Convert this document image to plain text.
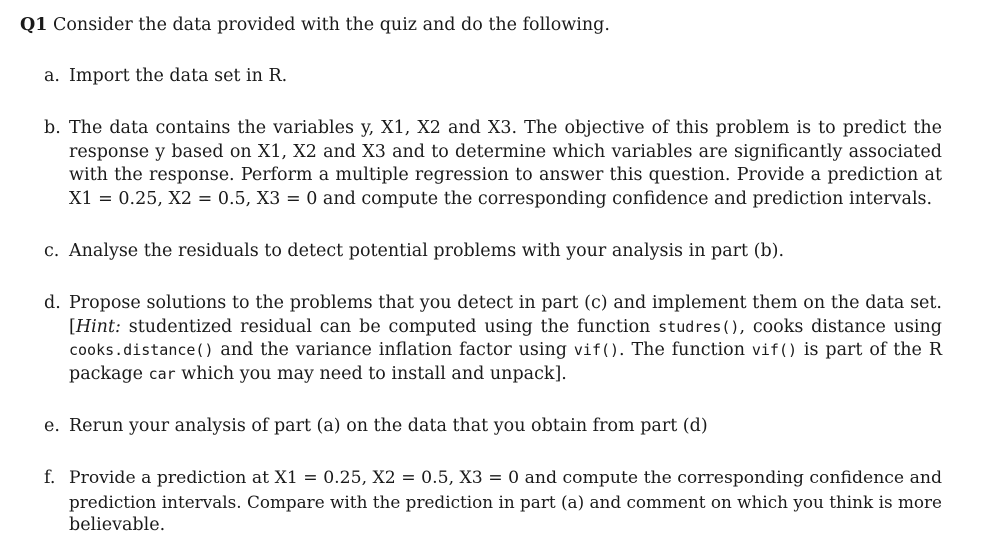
Q1 Consider the data provided with the quiz and do the following.
a. Import the data set in R.
b. The data contains the variables y, X1, X2 and X3. The objective of this problem is to predict the
response y based on X1, X2 and X3 and to determine which variables are significantly associated
with the response. Perform a multiple regression to answer this question. Provide a prediction at
X1 = 0.25, X2 = 0.5, X3 = 0 and compute the corresponding confidence and prediction intervals.
c. Analyse the residuals to detect potential problems with your analysis in part (b).
d. Propose solutions to the problems that you detect in part (c) and implement them on the data set.
[Hint: studentized residual can be computed using the function studres(), cooks distance using
cooks.distance() and the variance inflation factor using vif(). The function vif() is part of the R
package car which you may need to install and unpack].
e. Rerun your analysis of part (a) on the data that you obtain from part (d)
f. Provide a prediction at X1 = 0.25, X2 = 0.5, X3 = 0 and compute the corresponding confidence and
prediction intervals. Compare with the prediction in part (a) and comment on which you think is more
believable.
